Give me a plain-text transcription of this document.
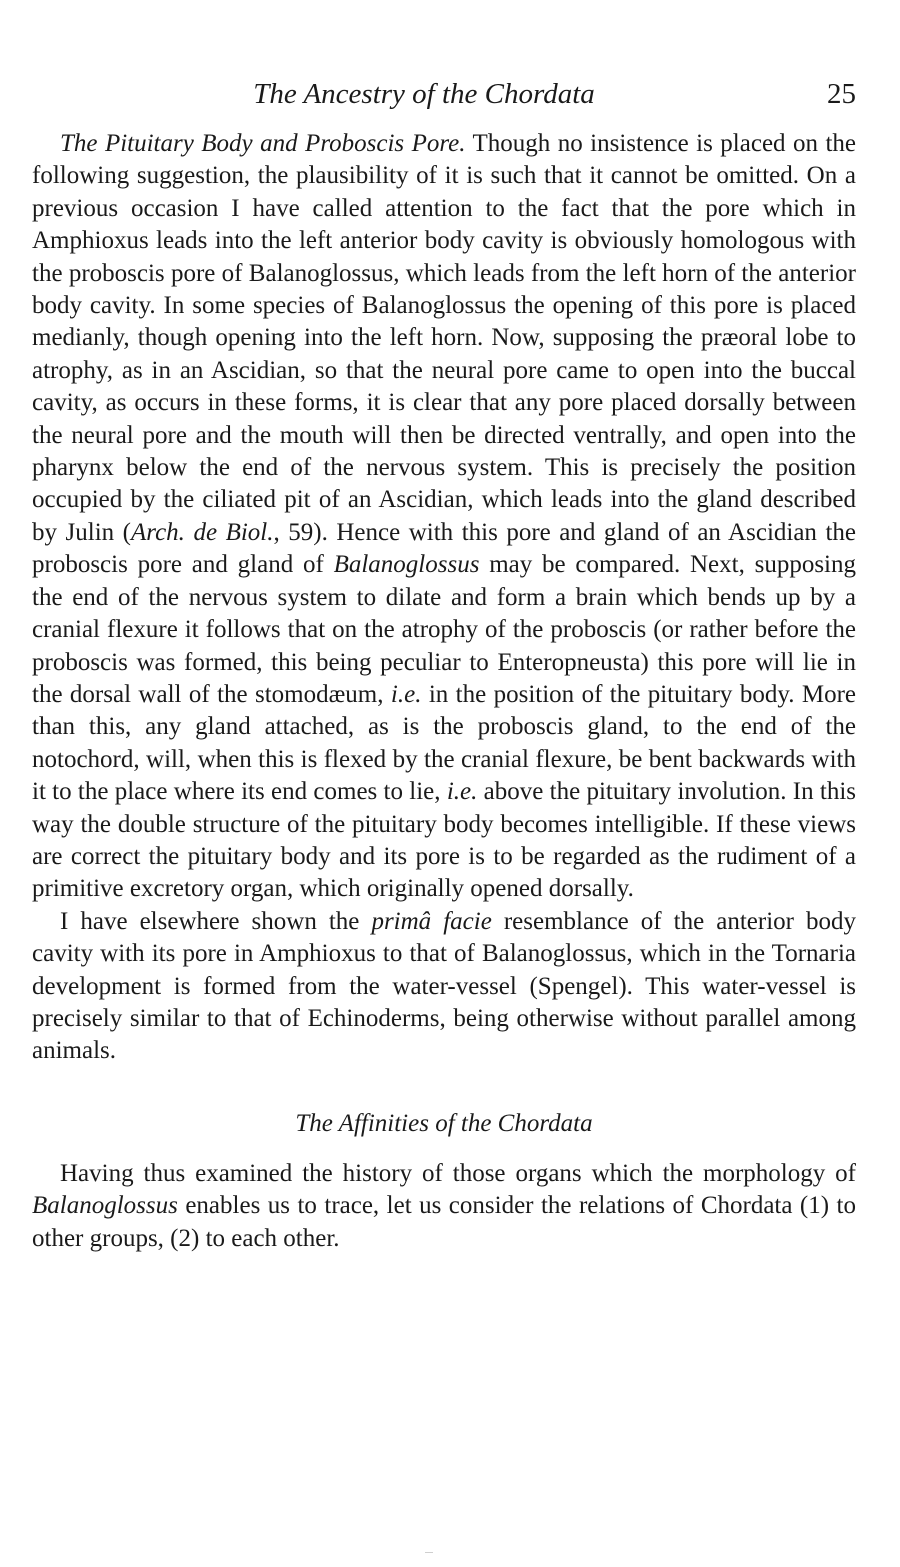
The Ancestry of the Chordata	25

The Pituitary Body and Proboscis Pore. Though no insistence is placed on the following suggestion, the plausibility of it is such that it cannot be omitted. On a previous occasion I have called attention to the fact that the pore which in Amphioxus leads into the left anterior body cavity is obviously homologous with the proboscis pore of Balanoglossus, which leads from the left horn of the anterior body cavity. In some species of Balanoglossus the opening of this pore is placed medianly, though opening into the left horn. Now, supposing the præoral lobe to atrophy, as in an Ascidian, so that the neural pore came to open into the buccal cavity, as occurs in these forms, it is clear that any pore placed dorsally between the neural pore and the mouth will then be directed ventrally, and open into the pharynx below the end of the nervous system. This is precisely the position occupied by the ciliated pit of an Ascidian, which leads into the gland described by Julin (Arch. de Biol., 59). Hence with this pore and gland of an Ascidian the proboscis pore and gland of Balanoglossus may be compared. Next, supposing the end of the nervous system to dilate and form a brain which bends up by a cranial flexure it follows that on the atrophy of the proboscis (or rather before the proboscis was formed, this being peculiar to Enteropneusta) this pore will lie in the dorsal wall of the stomodæum, i.e. in the position of the pituitary body. More than this, any gland attached, as is the proboscis gland, to the end of the notochord, will, when this is flexed by the cranial flexure, be bent backwards with it to the place where its end comes to lie, i.e. above the pituitary involution. In this way the double structure of the pituitary body becomes intelligible. If these views are correct the pituitary body and its pore is to be regarded as the rudiment of a primitive excretory organ, which originally opened dorsally.

I have elsewhere shown the primâ facie resemblance of the anterior body cavity with its pore in Amphioxus to that of Balanoglossus, which in the Tornaria development is formed from the water-vessel (Spengel). This water-vessel is precisely similar to that of Echinoderms, being otherwise without parallel among animals.

The Affinities of the Chordata

Having thus examined the history of those organs which the morphology of Balanoglossus enables us to trace, let us consider the relations of Chordata (1) to other groups, (2) to each other.
